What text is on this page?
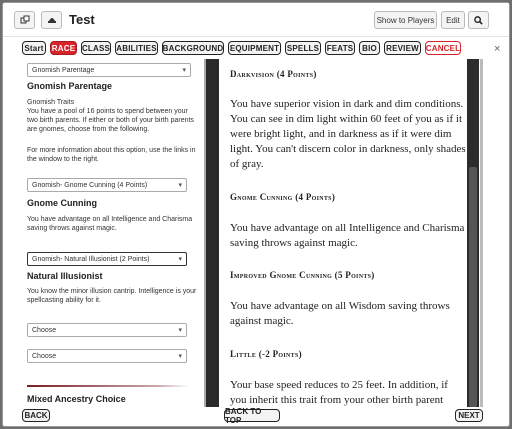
Test	Show to Players	Edit
×
Start RACE CLASS ABILITIES BACKGROUND EQUIPMENT SPELLS FEATS	BIO	REVIEW CANCEL
Gnomish Parentage	▾
Gnomish Parentage
Gnomish Traits
You have a pool of 16 points to spend between your two birth parents. If either or both of your birth parents are gnomes, choose from the following.
For more information about this option, use the links in the window to the right.
Gnomish- Gnome Cunning (4 Points)	▾
Gnome Cunning
You have advantage on all Intelligence and Charisma saving throws against magic.
Gnomish- Natural Illusionist (2 Points)	▾
Natural Illusionist
You know the minor illusion cantrip. Intelligence is your spellcasting ability for it.
Choose	▾
Choose	▾
Mixed Ancestry Choice
Darkvision (4 Points)
You have superior vision in dark and dim conditions. You can see in dim light within 60 feet of you as if it were bright light, and in darkness as if it were dim light. You can't discern color in darkness, only shades of gray.
Gnome Cunning (4 Points)
You have advantage on all Intelligence and Charisma saving throws against magic.
Improved Gnome Cunning (5 Points)
You have advantage on all Wisdom saving throws against magic.
Little (-2 Points)
Your base speed reduces to 25 feet. In addition, if you inherit this trait from your other birth parent
BACK	BACK TO TOP	NEXT
